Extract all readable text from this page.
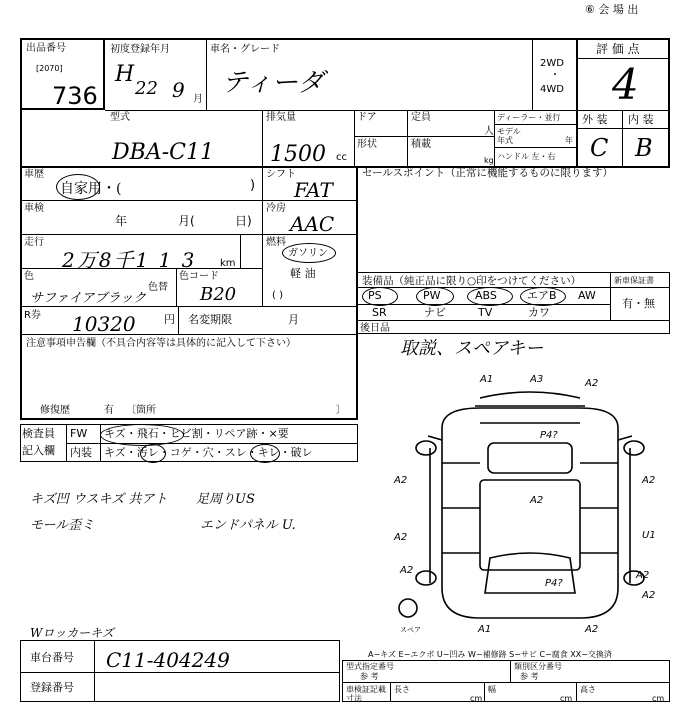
⑥ 会 場 出
出品番号
[2070]
736
初度登録年月
H
22 9 月
車名・グレード
ティーダ
2WD
・
4WD
評 価 点
4
外 装 内 装
C B
型式
DBA-C11
排気量
1500 cc
ドア
形状
定員
人
積載
kg
ディーラー・並行
モデル
年式	年
ハンドル 左・右
車歴
自家用・(	)
シフト
FAT
車検
年	月(	日)
冷房
AAC
走行
2万8千1 1 3 km
燃料
ガソリン
軽 油
( )
色
サファイアブラック
色替
色コード
B20
R券 10320	円 名変期限	月
注意事項申告欄（不具合内容等は具体的に記入して下さい）
修復歴	有 〔箇所	〕
検査員
記入欄
FW キズ・飛石・ヒビ割・リペア跡・×要
内装 キズ・汚レ・コゲ・穴・スレ・キレ・破レ
キズ凹 ウスキズ 共アト 足周りUS
モール歪ミ	エンドパネル U.
Wロッカーキズ
セールスポイント（正常に機能するものに限ります）
装備品（純正品に限り○印をつけてください）	新車保証書
有・無
PS	PW	ABS	エアB AW
SR	ナビ	TV	カワ
後日品
取説、スペアキー
A1	A3	A2
P4?
A2
U1
A2
A2
A2
A2	A2
P4?
A2
A1	A2
スペア
A−キズ E−エクボ U−凹み W−補修跡 S−サビ C−腐食 XX−交換済
車台番号 C11-404249
登録番号
型式指定番号	類別区分番号
参 考	参 考
車検証記載
寸法
長さ	幅	高さ
cm	cm	cm
